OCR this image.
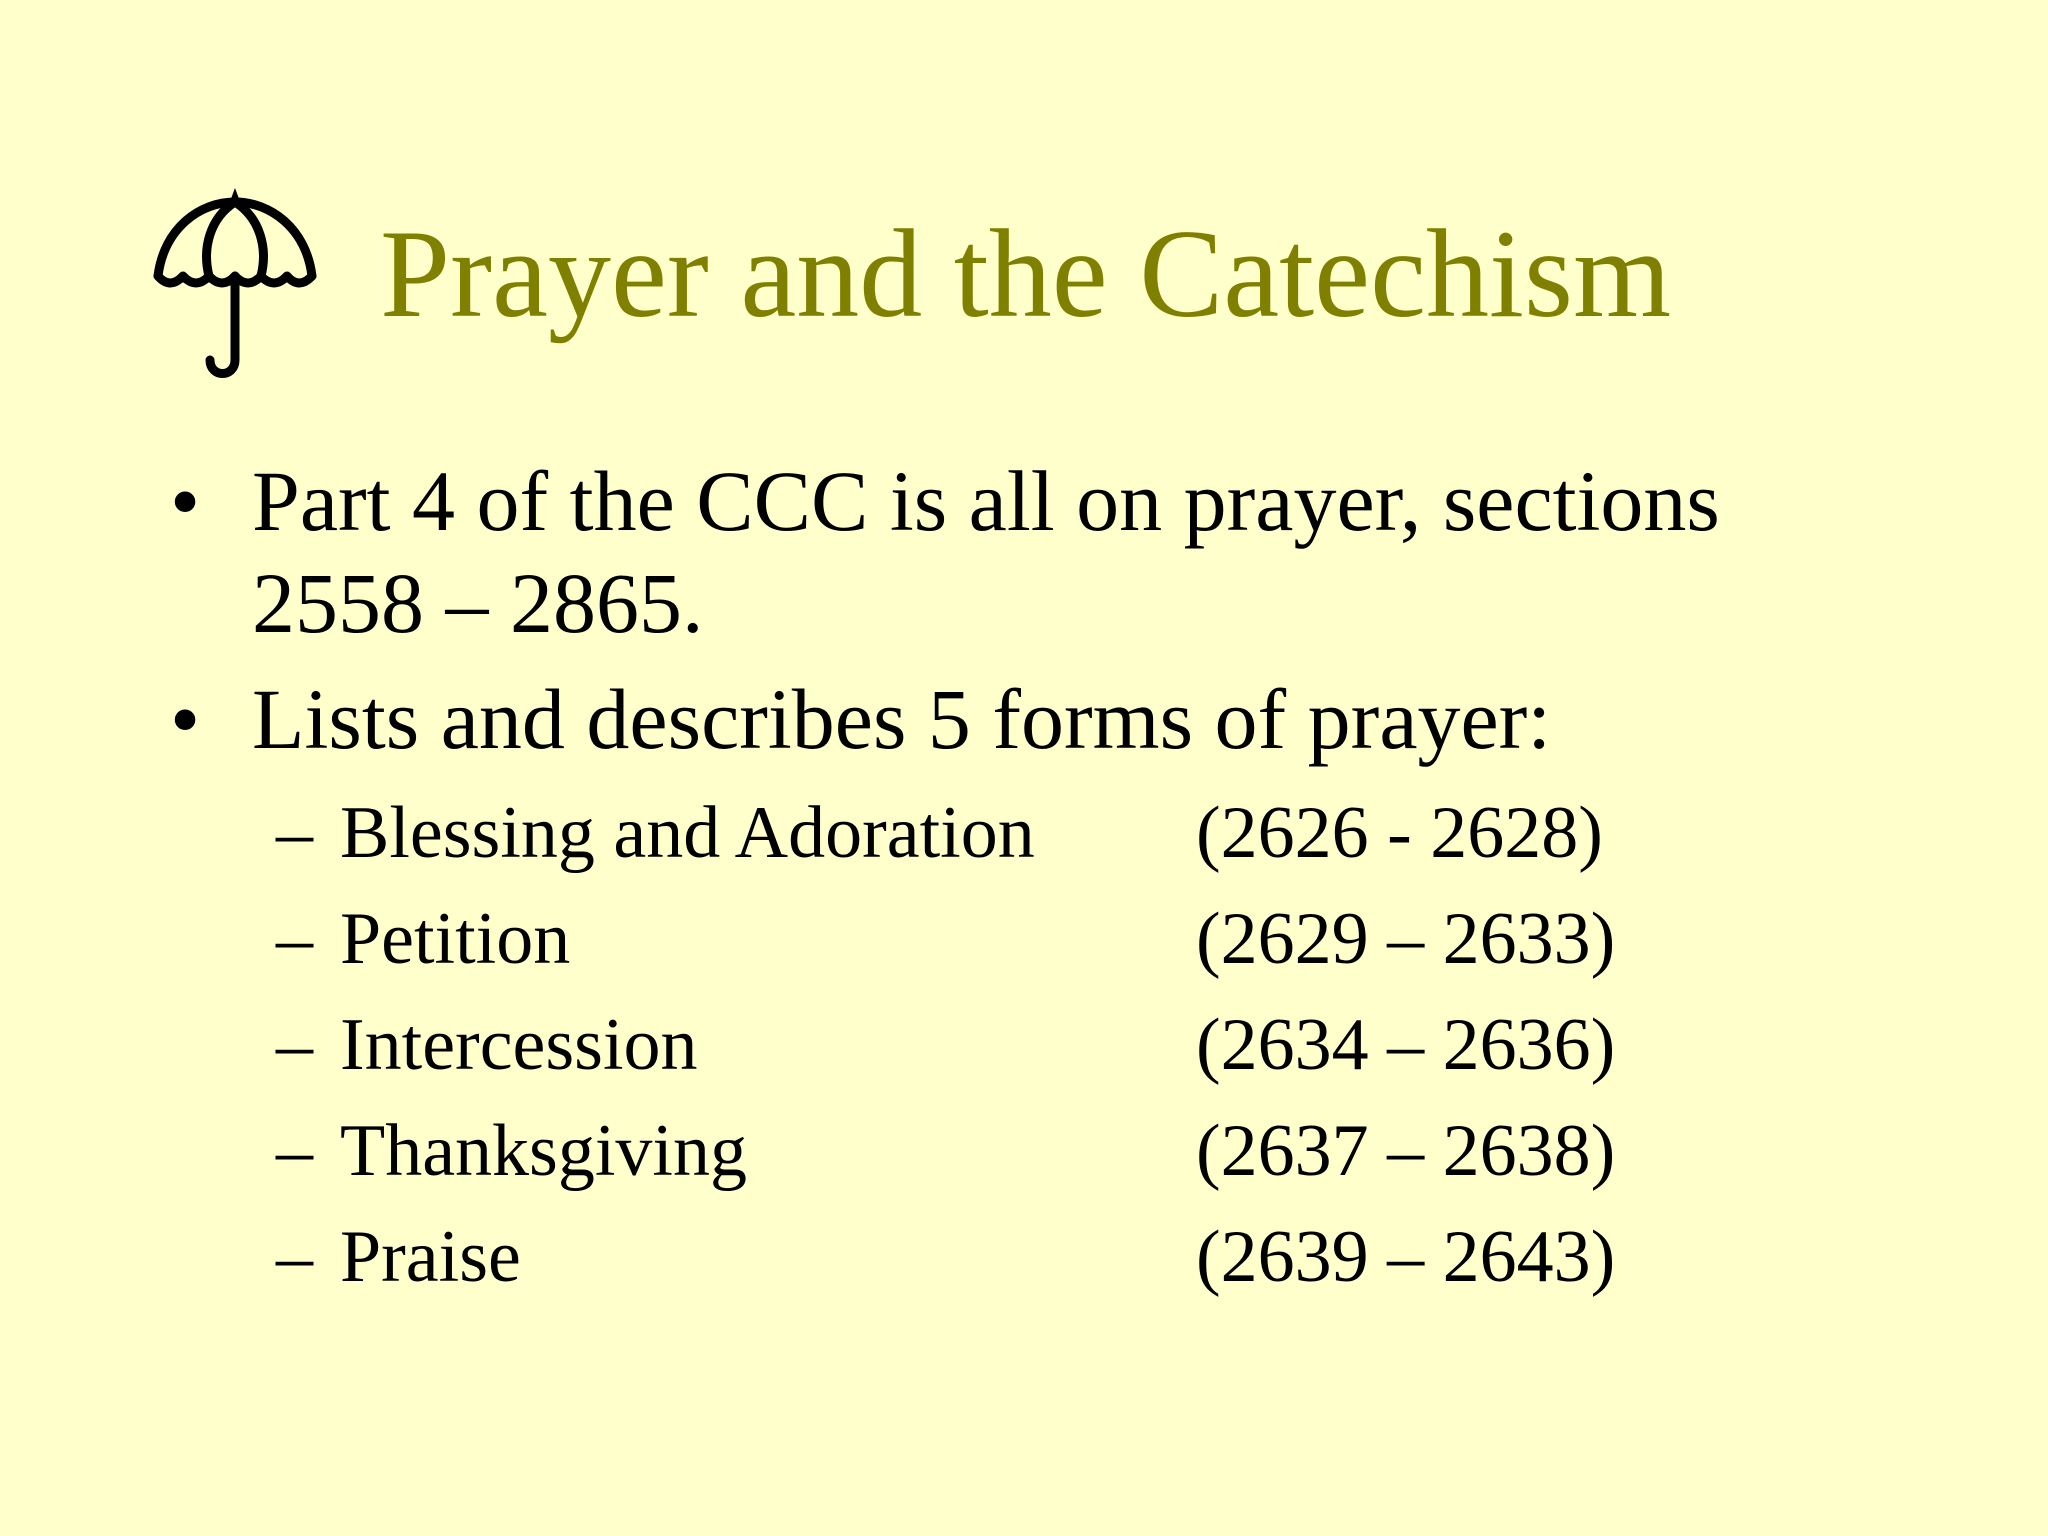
Prayer and the Catechism
• Part 4 of the CCC is all on prayer, sections
2558 – 2865.
• Lists and describes 5 forms of prayer:
– Blessing and Adoration (2626 - 2628)
– Petition	(2629 – 2633)
– Intercession	(2634 – 2636)
– Thanksgiving	(2637 – 2638)
– Praise	(2639 – 2643)
